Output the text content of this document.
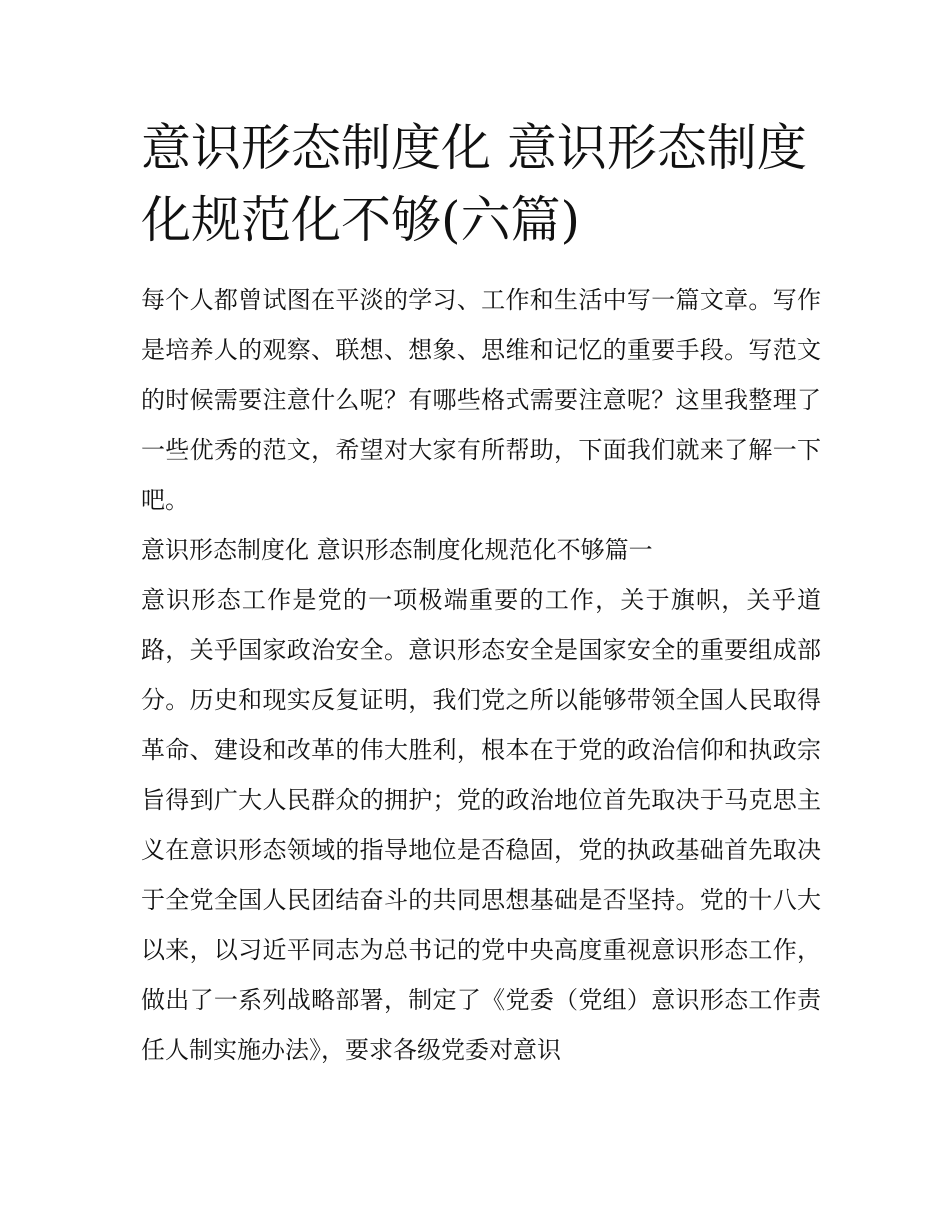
意识形态制度化 意识形态制度化规范化不够(六篇)

每个人都曾试图在平淡的学习、工作和生活中写一篇文章。写作是培养人的观察、联想、想象、思维和记忆的重要手段。写范文的时候需要注意什么呢？有哪些格式需要注意呢？这里我整理了一些优秀的范文，希望对大家有所帮助，下面我们就来了解一下吧。

意识形态制度化 意识形态制度化规范化不够篇一

意识形态工作是党的一项极端重要的工作，关于旗帜，关乎道路，关乎国家政治安全。意识形态安全是国家安全的重要组成部分。历史和现实反复证明，我们党之所以能够带领全国人民取得革命、建设和改革的伟大胜利，根本在于党的政治信仰和执政宗旨得到广大人民群众的拥护；党的政治地位首先取决于马克思主义在意识形态领域的指导地位是否稳固，党的执政基础首先取决于全党全国人民团结奋斗的共同思想基础是否坚持。党的十八大以来，以习近平同志为总书记的党中央高度重视意识形态工作，做出了一系列战略部署，制定了《党委（党组）意识形态工作责任人制实施办法》，要求各级党委对意识
